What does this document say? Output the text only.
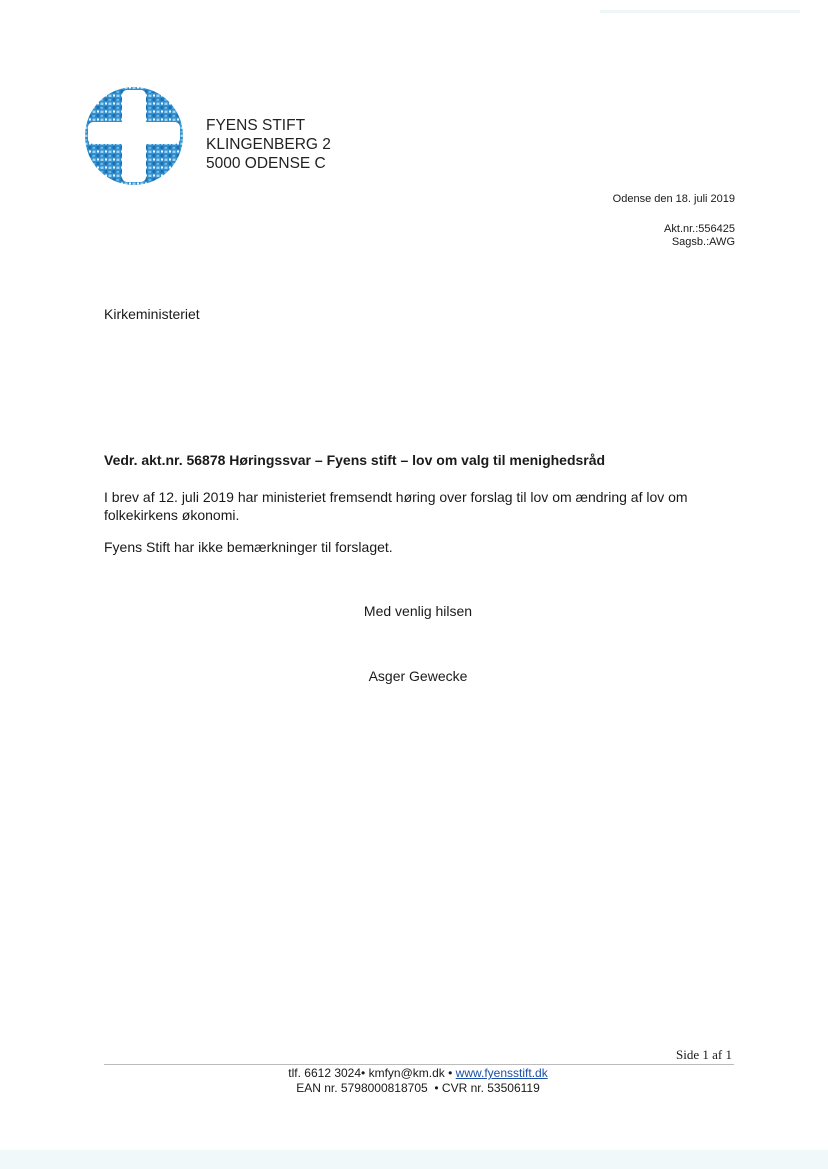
FYENS STIFT
KLINGENBERG 2
5000 ODENSE C
Odense den 18. juli 2019
Akt.nr.:556425
Sagsb.:AWG
Kirkeministeriet
Vedr. akt.nr. 56878 Høringssvar – Fyens stift – lov om valg til menighedsråd
I brev af 12. juli 2019 har ministeriet fremsendt høring over forslag til lov om ændring af lov om folkekirkens økonomi.
Fyens Stift har ikke bemærkninger til forslaget.
Med venlig hilsen
Asger Gewecke
Side 1 af 1
tlf. 6612 3024• kmfyn@km.dk • www.fyensstift.dk
EAN nr. 5798000818705 • CVR nr. 53506119
